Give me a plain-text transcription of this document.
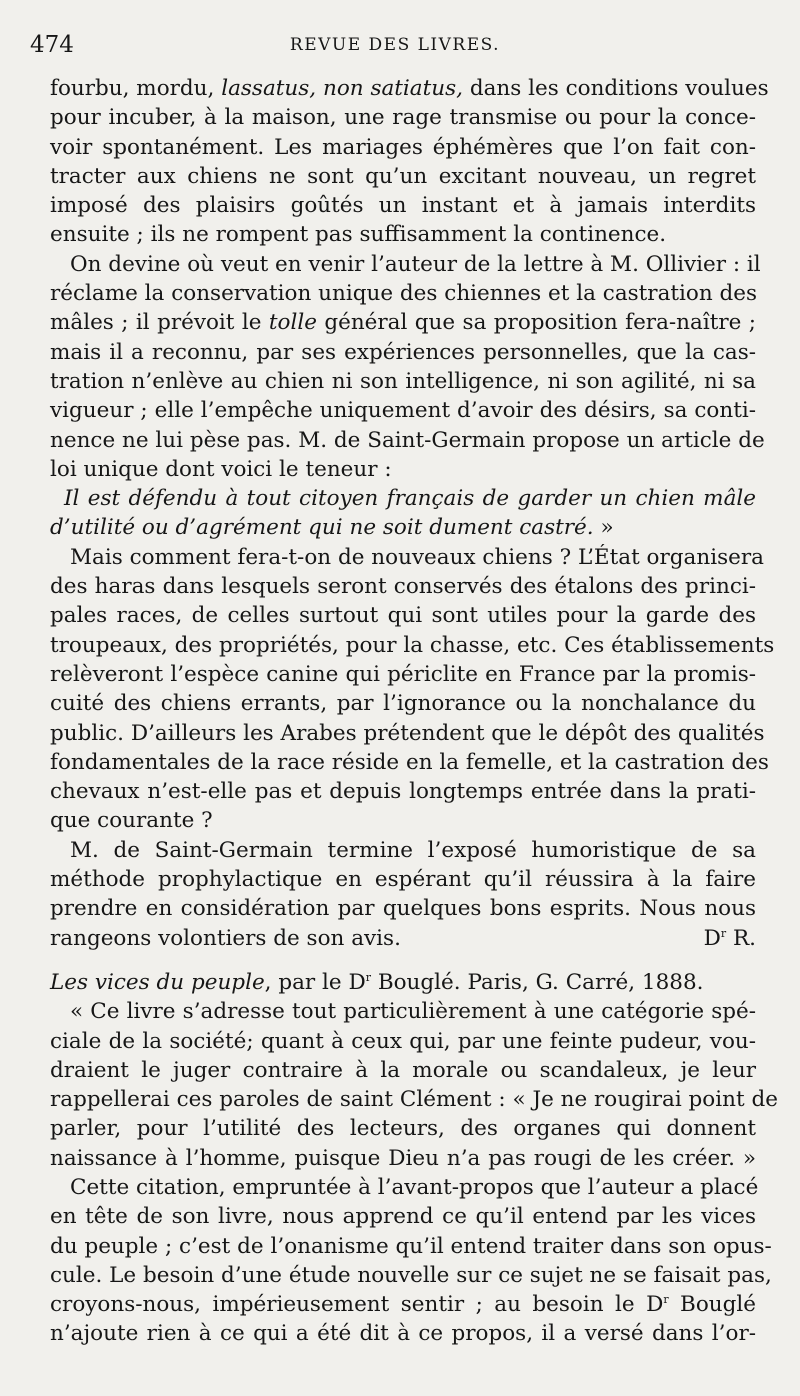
474	REVUE DES LIVRES.
fourbu, mordu, lassatus, non satiatus, dans les conditions voulues
pour incuber, à la maison, une rage transmise ou pour la conce-
voir spontanément. Les mariages éphémères que l’on fait con-
tracter aux chiens ne sont qu’un excitant nouveau, un regret
imposé des plaisirs goûtés un instant et à jamais interdits
ensuite ; ils ne rompent pas suffisamment la continence.
On devine où veut en venir l’auteur de la lettre à M. Ollivier : il
réclame la conservation unique des chiennes et la castration des
mâles ; il prévoit le tolle général que sa proposition fera-naître ;
mais il a reconnu, par ses expériences personnelles, que la cas-
tration n’enlève au chien ni son intelligence, ni son agilité, ni sa
vigueur ; elle l’empêche uniquement d’avoir des désirs, sa conti-
nence ne lui pèse pas. M. de Saint-Germain propose un article de
loi unique dont voici le teneur :
Il est défendu à tout citoyen français de garder un chien mâle
d’utilité ou d’agrément qui ne soit dument castré. »
Mais comment fera-t-on de nouveaux chiens ? L’État organisera
des haras dans lesquels seront conservés des étalons des princi-
pales races, de celles surtout qui sont utiles pour la garde des
troupeaux, des propriétés, pour la chasse, etc. Ces établissements
relèveront l’espèce canine qui périclite en France par la promis-
cuité des chiens errants, par l’ignorance ou la nonchalance du
public. D’ailleurs les Arabes prétendent que le dépôt des qualités
fondamentales de la race réside en la femelle, et la castration des
chevaux n’est-elle pas et depuis longtemps entrée dans la prati-
que courante ?
M. de Saint-Germain termine l’exposé humoristique de sa
méthode prophylactique en espérant qu’il réussira à la faire
prendre en considération par quelques bons esprits. Nous nous
rangeons volontiers de son avis.	$D^r$ R.
Les vices du peuple, par le $D^r$ Bouglé. Paris, G. Carré, 1888.
« Ce livre s’adresse tout particulièrement à une catégorie spé-
ciale de la société; quant à ceux qui, par une feinte pudeur, vou-
draient le juger contraire à la morale ou scandaleux, je leur
rappellerai ces paroles de saint Clément : « Je ne rougirai point de
parler, pour l’utilité des lecteurs, des organes qui donnent
naissance à l’homme, puisque Dieu n’a pas rougi de les créer. »
Cette citation, empruntée à l’avant-propos que l’auteur a placé
en tête de son livre, nous apprend ce qu’il entend par les vices
du peuple ; c’est de l’onanisme qu’il entend traiter dans son opus-
cule. Le besoin d’une étude nouvelle sur ce sujet ne se faisait pas,
croyons-nous, impérieusement sentir ; au besoin le $D^r$ Bouglé
n’ajoute rien à ce qui a été dit à ce propos, il a versé dans l’or-
